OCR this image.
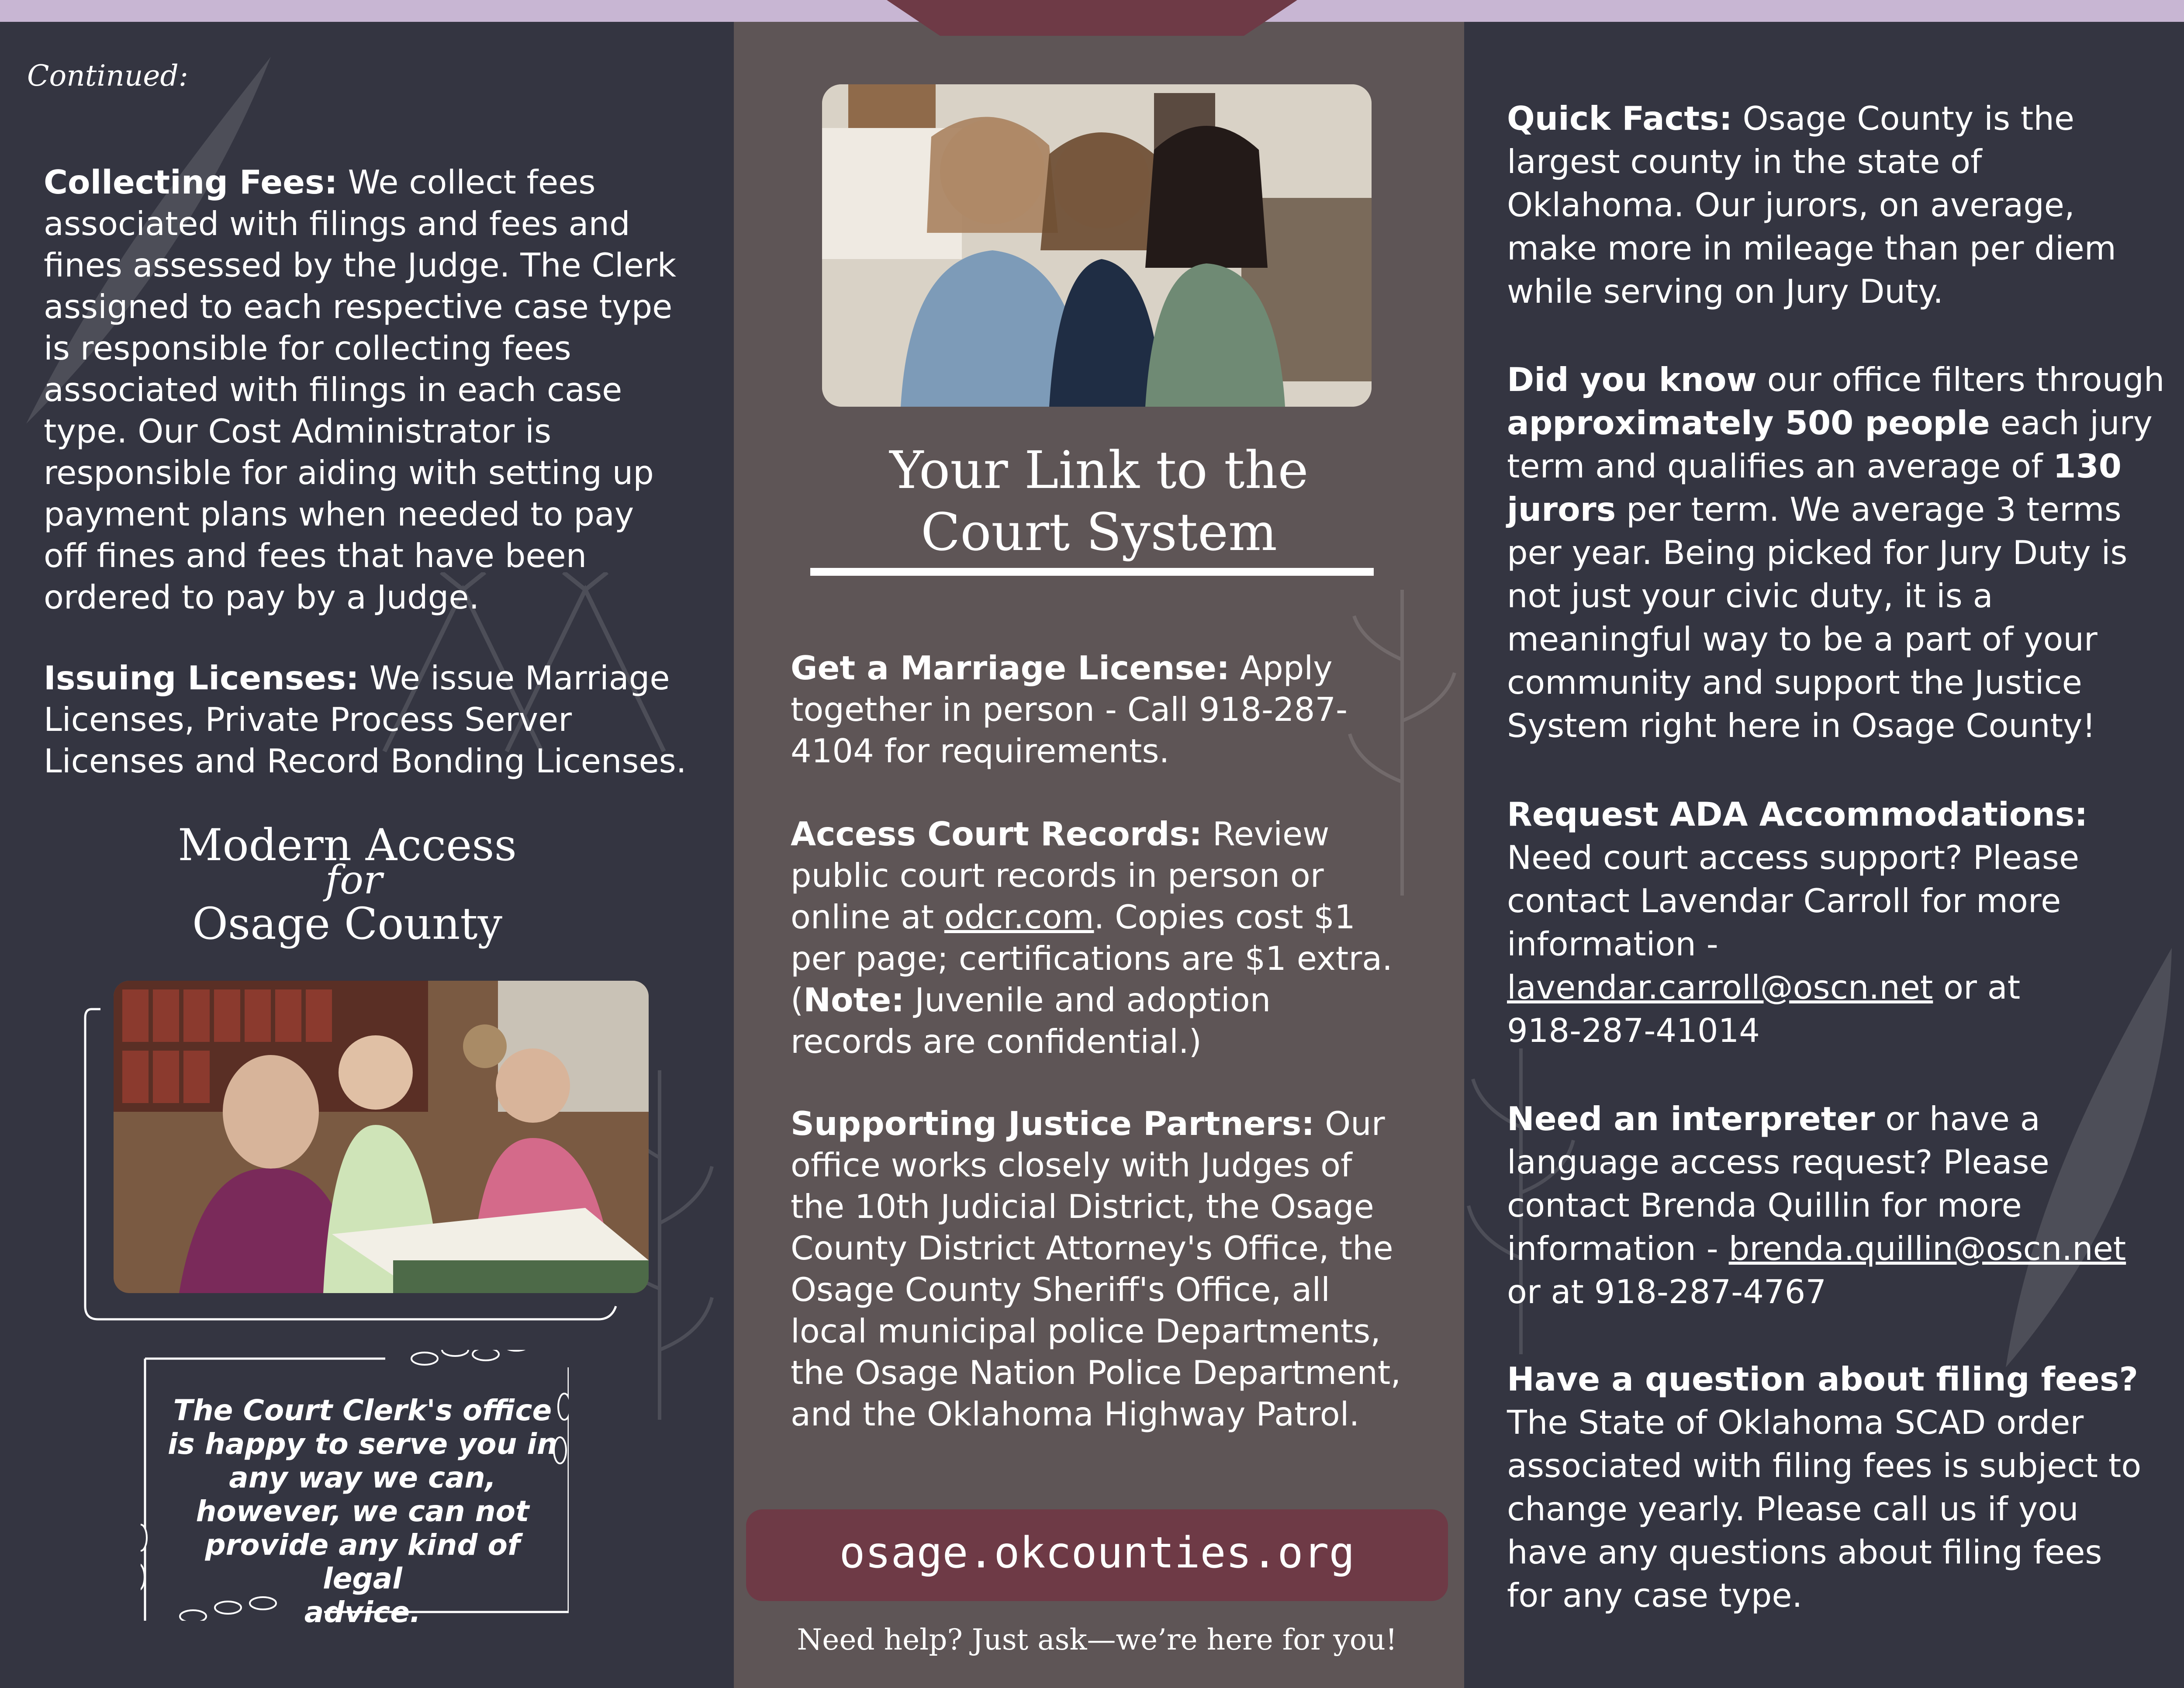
Continued:
Collecting Fees: We collect fees
associated with filings and fees and
fines assessed by the Judge. The Clerk
assigned to each respective case type
is responsible for collecting fees
associated with filings in each case
type. Our Cost Administrator is
responsible for aiding with setting up
payment plans when needed to pay
off fines and fees that have been
ordered to pay by a Judge.
Issuing Licenses: We issue Marriage
Licenses, Private Process Server
Licenses and Record Bonding Licenses.
Modern Access
for
Osage County
The Court Clerk's office
is happy to serve you in
any way we can,
however, we can not
provide any kind of legal
advice.
Your Link to the
Court System
Get a Marriage License: Apply
together in person - Call 918-287-
4104 for requirements.
Access Court Records: Review
public court records in person or
online at odcr.com. Copies cost $1
per page; certifications are $1 extra.
(Note: Juvenile and adoption
records are confidential.)
Supporting Justice Partners: Our
office works closely with Judges of
the 10th Judicial District, the Osage
County District Attorney's Office, the
Osage County Sheriff's Office, all
local municipal police Departments,
the Osage Nation Police Department,
and the Oklahoma Highway Patrol.
osage.okcounties.org
Need help? Just ask—we’re here for you!
Quick Facts: Osage County is the
largest county in the state of
Oklahoma. Our jurors, on average,
make more in mileage than per diem
while serving on Jury Duty.
Did you know our office filters through
approximately 500 people each jury
term and qualifies an average of 130
jurors per term. We average 3 terms
per year. Being picked for Jury Duty is
not just your civic duty, it is a
meaningful way to be a part of your
community and support the Justice
System right here in Osage County!
Request ADA Accommodations:
Need court access support? Please
contact Lavendar Carroll for more
information -
lavendar.carroll@oscn.net or at
918-287-41014
Need an interpreter or have a
language access request? Please
contact Brenda Quillin for more
information - brenda.quillin@oscn.net
or at 918-287-4767
Have a question about filing fees?
The State of Oklahoma SCAD order
associated with filing fees is subject to
change yearly. Please call us if you
have any questions about filing fees
for any case type.
